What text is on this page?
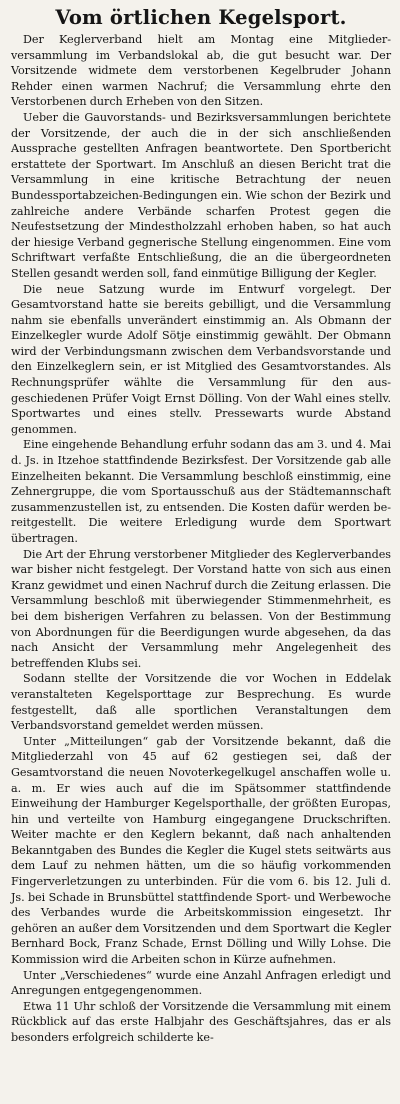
Vom örtlichen Kegelsport.

Der Keglerverband hielt am Montag eine Mitgliederversammlung im Verbandslokal ab, die gut besucht war. Der Vorsitzende widmete dem verstorbenen Kegelbruder Johann Rehder einen warmen Nachruf; die Versammlung ehrte den Verstorbenen durch Erheben von den Sitzen.

Ueber die Gauvorstands- und Bezirksversammlungen berichtete der Vorsitzende, der auch die in der sich anschließenden Aussprache gestellten Anfragen beantwortete. Den Sportbericht erstattete der Sportwart. Im Anschluß an diesen Bericht trat die Versammlung in eine kritische Betrachtung der neuen Bundessportabzeichen-Bedingungen ein. Wie schon der Bezirk und zahlreiche andere Verbände scharfen Protest gegen die Neufestsetzung der Mindestholzzahl erhoben haben, so hat auch der hiesige Verband gegnerische Stellung eingenommen. Eine vom Schriftwart verfaßte Entschließung, die an die übergeordneten Stellen gesandt werden soll, fand einmütige Billigung der Kegler.

Die neue Satzung wurde im Entwurf vorgelegt. Der Gesamtvorstand hatte sie bereits gebilligt, und die Versammlung nahm sie ebenfalls unverändert einstimmig an. Als Obmann der Einzelkegler wurde Adolf Sötje einstimmig gewählt. Der Obmann wird der Verbindungsmann zwischen dem Verbandsvorstande und den Einzelkeglern sein, er ist Mitglied des Gesamtvorstandes. Als Rechnungsprüfer wählte die Versammlung für den ausgeschiedenen Prüfer Voigt Ernst Dölling. Von der Wahl eines stellv. Sportwartes und eines stellv. Pressewarts wurde Abstand genommen.

Eine eingehende Behandlung erfuhr sodann das am 3. und 4. Mai d. Js. in Itzehoe stattfindende Bezirksfest. Der Vorsitzende gab alle Einzelheiten bekannt. Die Versammlung beschloß einstimmig, eine Zehnergruppe, die vom Sportausschuß aus der Städtemannschaft zusammenzustellen ist, zu entsenden. Die Kosten dafür werden bereitgestellt. Die weitere Erledigung wurde dem Sportwart übertragen.

Die Art der Ehrung verstorbener Mitglieder des Keglerverbandes war bisher nicht festgelegt. Der Vorstand hatte von sich aus einen Kranz gewidmet und einen Nachruf durch die Zeitung erlassen. Die Versammlung beschloß mit überwiegender Stimmenmehrheit, es bei dem bisherigen Verfahren zu belassen. Von der Bestimmung von Abordnungen für die Beerdigungen wurde abgesehen, da das nach Ansicht der Versammlung mehr Angelegenheit des betreffenden Klubs sei.

Sodann stellte der Vorsitzende die vor Wochen in Eddelak veranstalteten Kegelsporttage zur Besprechung. Es wurde festgestellt, daß alle sportlichen Veranstaltungen dem Verbandsvorstand gemeldet werden müssen.

Unter „Mitteilungen“ gab der Vorsitzende bekannt, daß die Mitgliederzahl von 45 auf 62 gestiegen sei, daß der Gesamtvorstand die neuen Novoterkegelkugel anschaffen wolle u. a. m. Er wies auch auf die im Spätsommer stattfindende Einweihung der Hamburger Kegelsporthalle, der größten Europas, hin und verteilte von Hamburg eingegangene Druckschriften. Weiter machte er den Keglern bekannt, daß nach anhaltenden Bekanntgaben des Bundes die Kegler die Kugel stets seitwärts aus dem Lauf zu nehmen hätten, um die so häufig vorkommenden Fingerverletzungen zu unterbinden. Für die vom 6. bis 12. Juli d. Js. bei Schade in Brunsbüttel stattfindende Sport- und Werbewoche des Verbandes wurde die Arbeitskommission eingesetzt. Ihr gehören an außer dem Vorsitzenden und dem Sportwart die Kegler Bernhard Bock, Franz Schade, Ernst Dölling und Willy Lohse. Die Kommission wird die Arbeiten schon in Kürze aufnehmen.

Unter „Verschiedenes“ wurde eine Anzahl Anfragen erledigt und Anregungen entgegengenommen.

Etwa 11 Uhr schloß der Vorsitzende die Versammlung mit einem Rückblick auf das erste Halbjahr des Geschäftsjahres, das er als besonders erfolgreich schilderte ke-
